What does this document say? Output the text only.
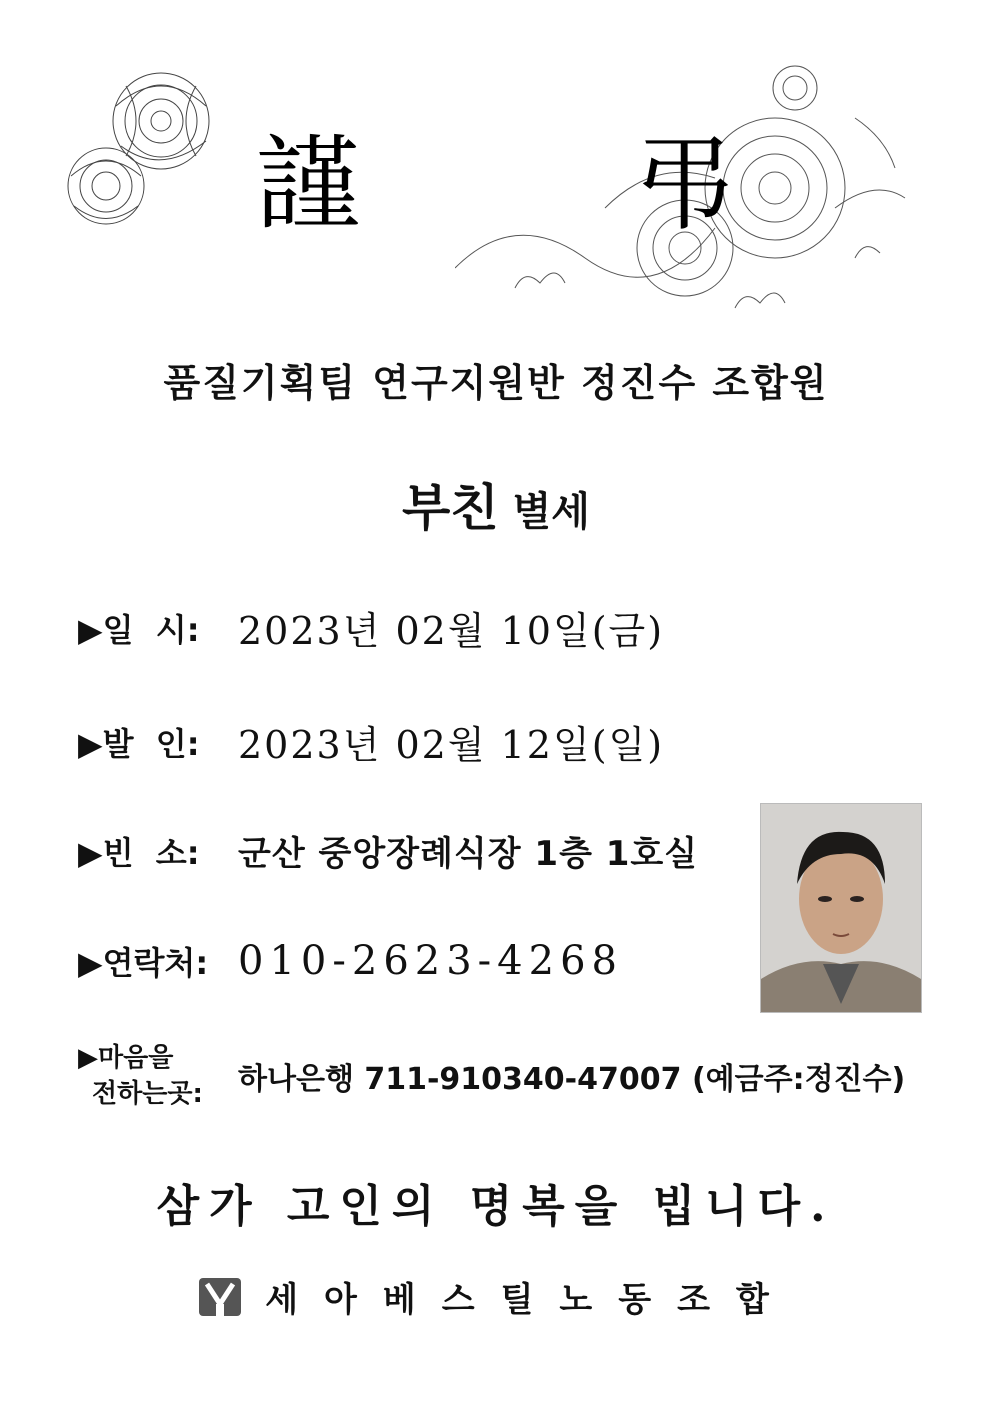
謹 弔
품질기획팀 연구지원반 정진수 조합원
부친 별세
▶일  시:	2023년 02월 10일(금)
▶발  인:	2023년 02월 12일(일)
▶빈  소:	군산 중앙장례식장 1층 1호실
▶연락처: 010-2623-4268
▶마음을
전하는곳:	하나은행 711-910340-47007 (예금주:정진수)
삼가 고인의 명복을 빕니다.
세아베스틸노동조합
